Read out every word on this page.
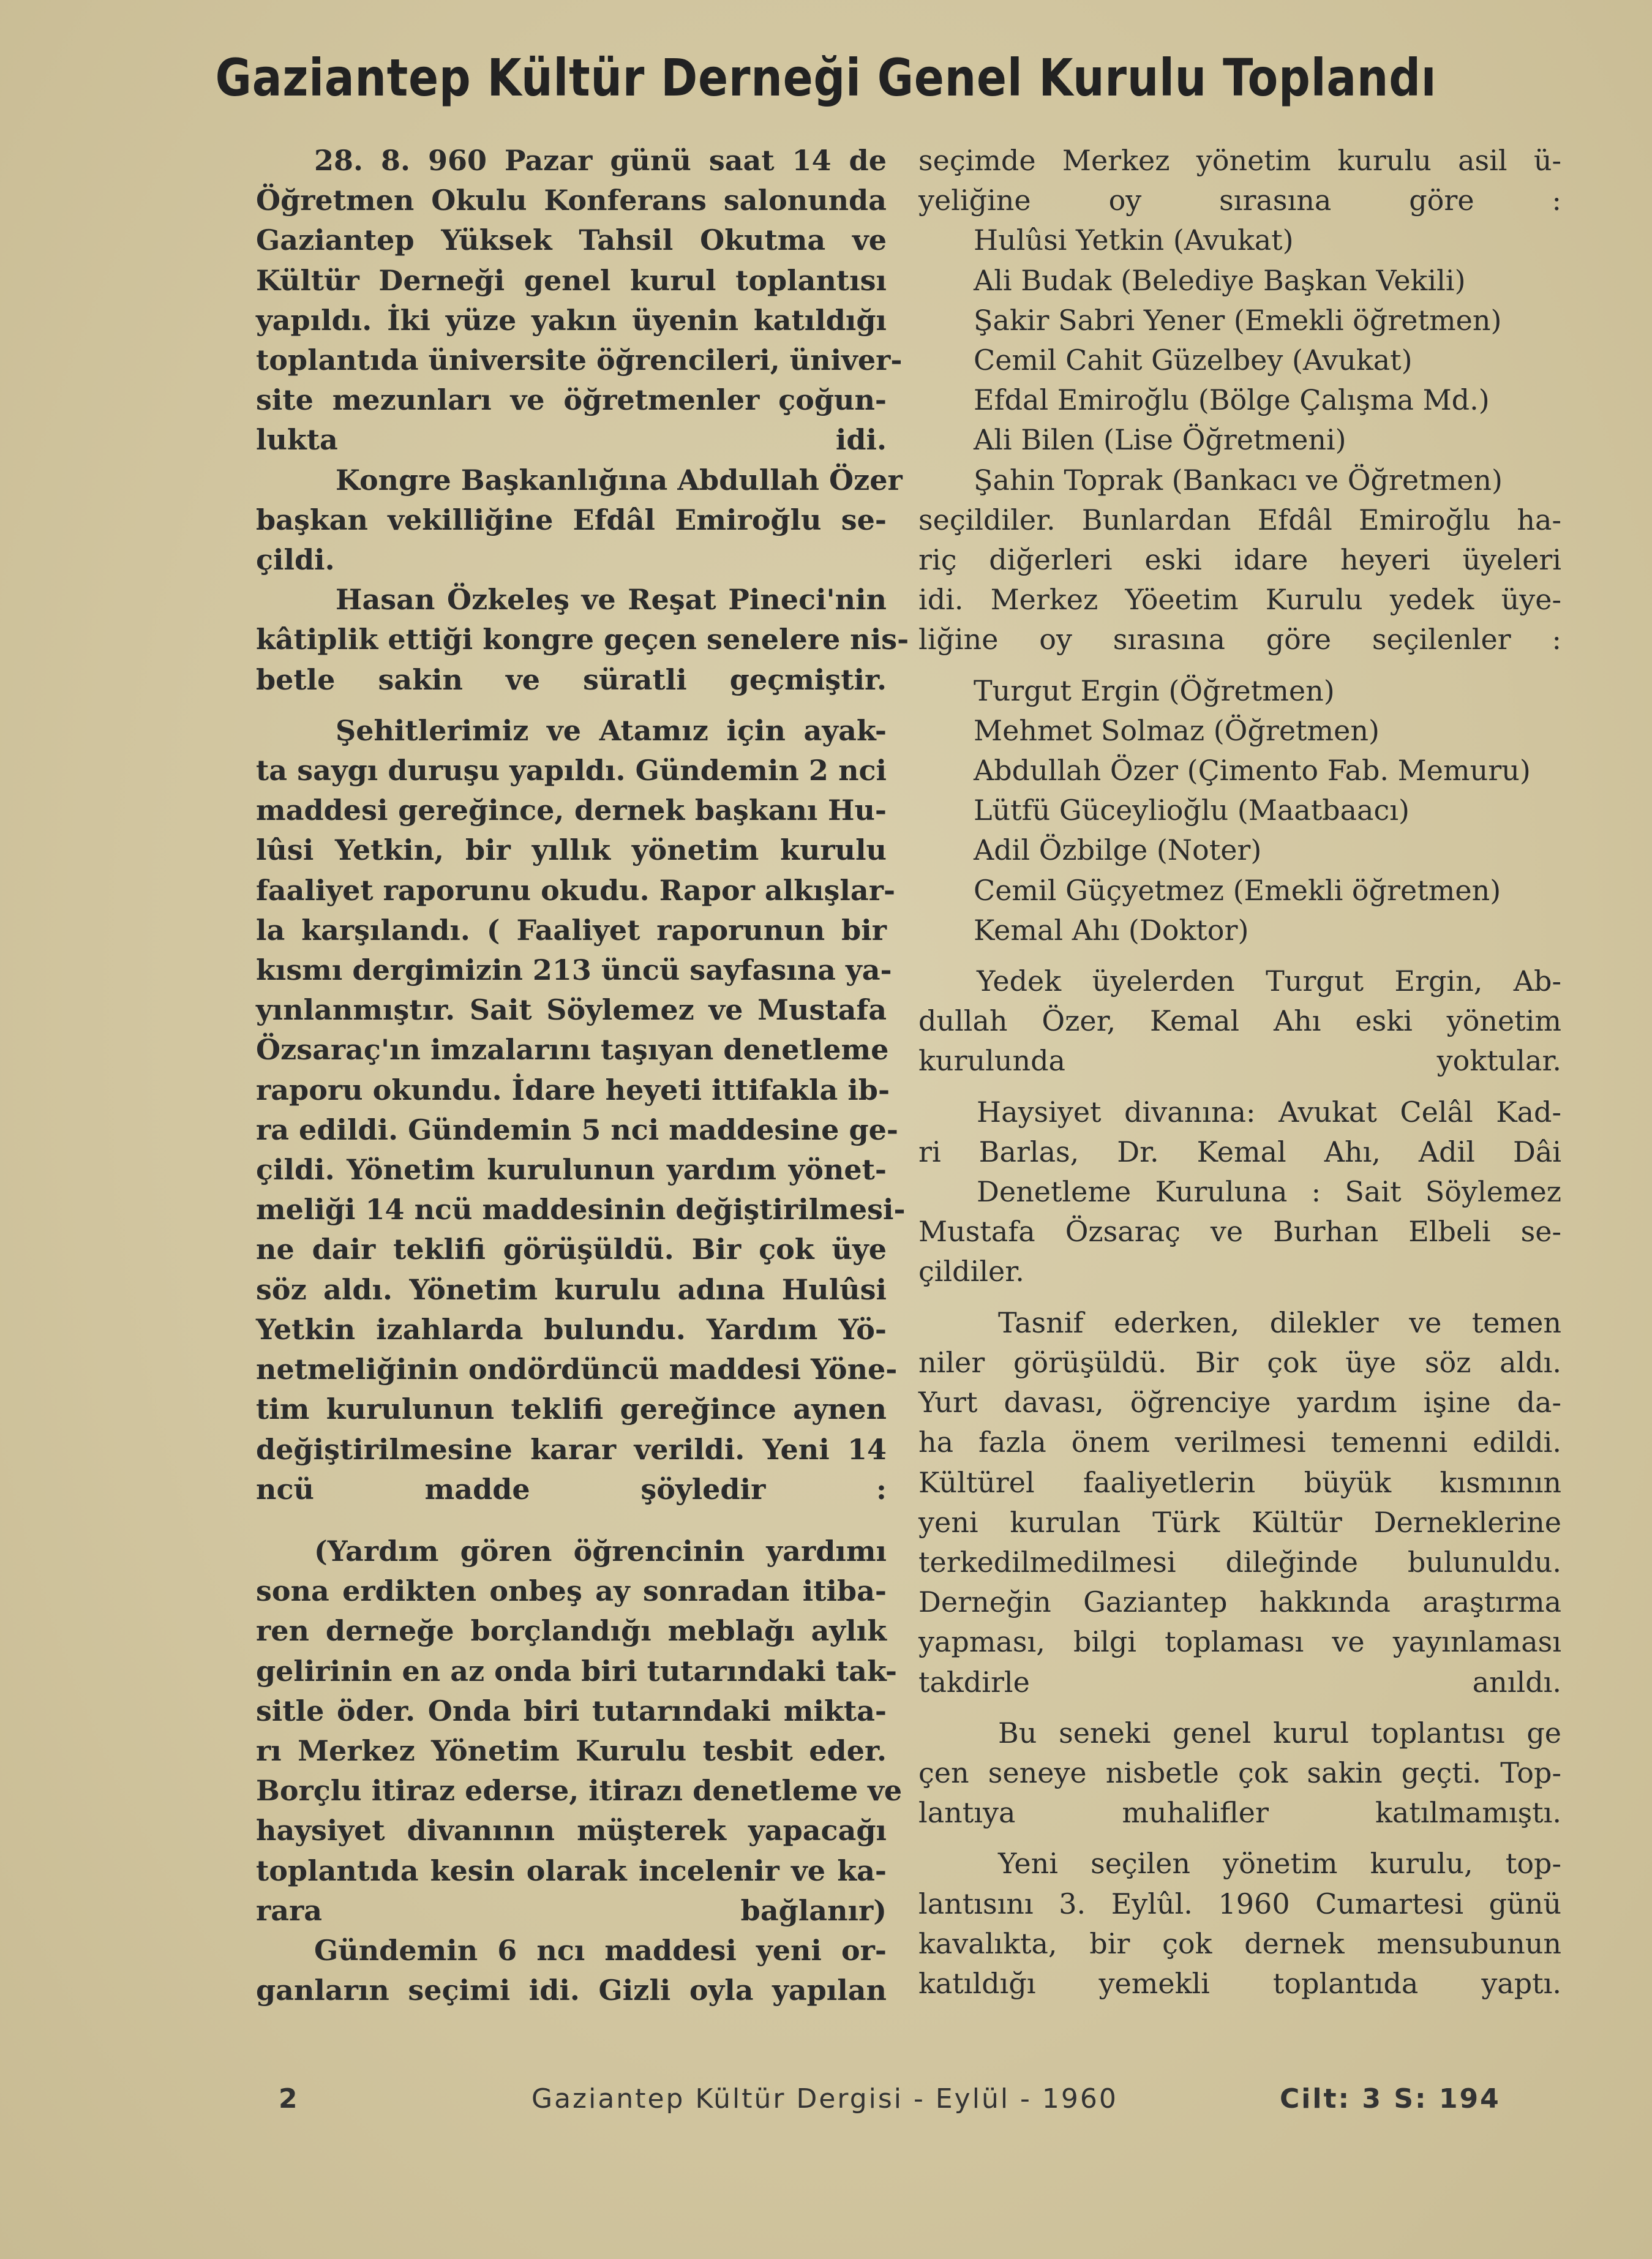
Gaziantep Kültür Derneği Genel Kurulu Toplandı
28. 8. 960 Pazar günü saat 14 de
Öğretmen Okulu Konferans salonunda
Gaziantep Yüksek Tahsil Okutma ve
Kültür Derneği genel kurul toplantısı
yapıldı. İki yüze yakın üyenin katıldığı
toplantıda üniversite öğrencileri, üniver-
site mezunları ve öğretmenler çoğun-
lukta idi.
Kongre Başkanlığına Abdullah Özer
başkan vekilliğine Efdâl Emiroğlu se-
çildi.
Hasan Özkeleş ve Reşat Pineci'nin
kâtiplik ettiği kongre geçen senelere nis-
betle sakin ve süratli geçmiştir.
Şehitlerimiz ve Atamız için ayak-
ta saygı duruşu yapıldı. Gündemin 2 nci
maddesi gereğince, dernek başkanı Hu-
lûsi Yetkin, bir yıllık yönetim kurulu
faaliyet raporunu okudu. Rapor alkışlar-
la karşılandı. ( Faaliyet raporunun bir
kısmı dergimizin 213 üncü sayfasına ya-
yınlanmıştır. Sait Söylemez ve Mustafa
Özsaraç'ın imzalarını taşıyan denetleme
raporu okundu. İdare heyeti ittifakla ib-
ra edildi. Gündemin 5 nci maddesine ge-
çildi. Yönetim kurulunun yardım yönet-
meliği 14 ncü maddesinin değiştirilmesi-
ne dair teklifi görüşüldü. Bir çok üye
söz aldı. Yönetim kurulu adına Hulûsi
Yetkin izahlarda bulundu. Yardım Yö-
netmeliğinin ondördüncü maddesi Yöne-
tim kurulunun teklifi gereğince aynen
değiştirilmesine karar verildi. Yeni 14
ncü madde şöyledir :
(Yardım gören öğrencinin yardımı
sona erdikten onbeş ay sonradan itiba-
ren derneğe borçlandığı meblağı aylık
gelirinin en az onda biri tutarındaki tak-
sitle öder. Onda biri tutarındaki mikta-
rı Merkez Yönetim Kurulu tesbit eder.
Borçlu itiraz ederse, itirazı denetleme ve
haysiyet divanının müşterek yapacağı
toplantıda kesin olarak incelenir ve ka-
rara bağlanır)
Gündemin 6 ncı maddesi yeni or-
ganların seçimi idi. Gizli oyla yapılan
seçimde Merkez yönetim kurulu asil ü-
yeliğine oy sırasına göre :
Hulûsi Yetkin (Avukat)
Ali Budak (Belediye Başkan Vekili)
Şakir Sabri Yener (Emekli öğretmen)
Cemil Cahit Güzelbey (Avukat)
Efdal Emiroğlu (Bölge Çalışma Md.)
Ali Bilen (Lise Öğretmeni)
Şahin Toprak (Bankacı ve Öğretmen)
seçildiler. Bunlardan Efdâl Emiroğlu ha-
riç diğerleri eski idare heyeri üyeleri
idi. Merkez Yöeetim Kurulu yedek üye-
liğine oy sırasına göre seçilenler :
Turgut Ergin (Öğretmen)
Mehmet Solmaz (Öğretmen)
Abdullah Özer (Çimento Fab. Memuru)
Lütfü Güceylioğlu (Maatbaacı)
Adil Özbilge (Noter)
Cemil Güçyetmez (Emekli öğretmen)
Kemal Ahı (Doktor)
Yedek üyelerden Turgut Ergin, Ab-
dullah Özer, Kemal Ahı eski yönetim
kurulunda yoktular.
Haysiyet divanına: Avukat Celâl Kad-
ri Barlas, Dr. Kemal Ahı, Adil Dâi
Denetleme Kuruluna : Sait Söylemez
Mustafa Özsaraç ve Burhan Elbeli se-
çildiler.
Tasnif ederken, dilekler ve temen
niler görüşüldü. Bir çok üye söz aldı.
Yurt davası, öğrenciye yardım işine da-
ha fazla önem verilmesi temenni edildi.
Kültürel faaliyetlerin büyük kısmının
yeni kurulan Türk Kültür Derneklerine
terkedilmedilmesi dileğinde bulunuldu.
Derneğin Gaziantep hakkında araştırma
yapması, bilgi toplaması ve yayınlaması
takdirle anıldı.
Bu seneki genel kurul toplantısı ge
çen seneye nisbetle çok sakin geçti. Top-
lantıya muhalifler katılmamıştı.
Yeni seçilen yönetim kurulu, top-
lantısını 3. Eylûl. 1960 Cumartesi günü
kavalıkta, bir çok dernek mensubunun
katıldığı yemekli toplantıda yaptı.
2	Gaziantep Kültür Dergisi - Eylül - 1960	Cilt: 3 S: 194
